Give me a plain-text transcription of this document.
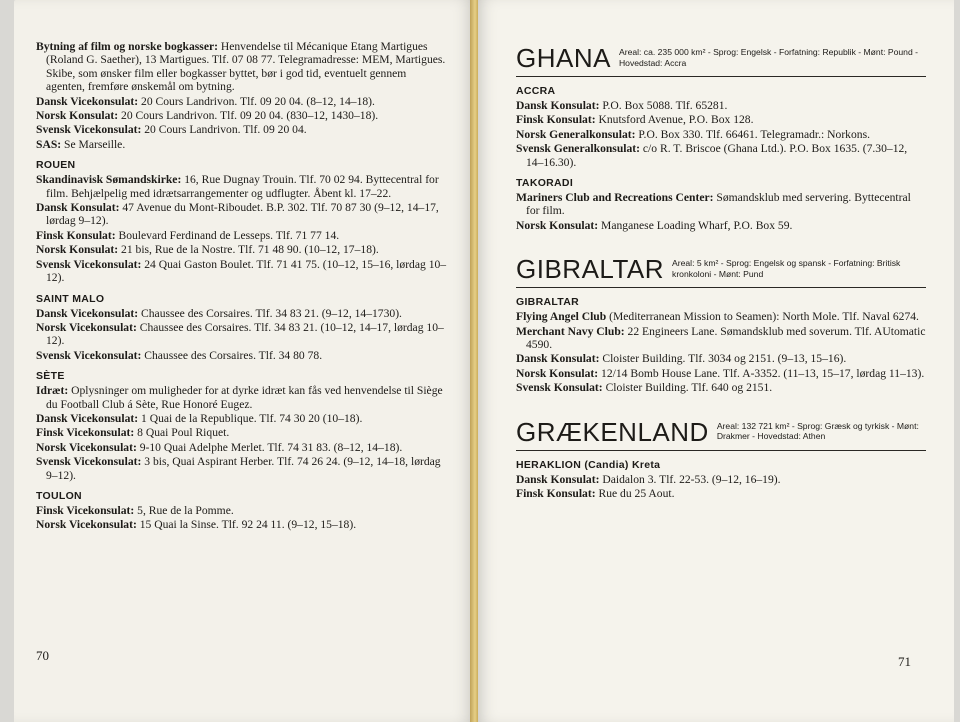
Bytning af film og norske bogkasser: Henvendelse til Mécanique Etang Martigues (Roland G. Saether), 13 Martigues. Tlf. 07 08 77. Telegramadresse: MEM, Martigues. Skibe, som ønsker film eller bogkasser byttet, bør i god tid, eventuelt gennem agenten, fremføre ønskemål om bytning.

Dansk Vicekonsulat: 20 Cours Landrivon. Tlf. 09 20 04. (8–12, 14–18).

Norsk Konsulat: 20 Cours Landrivon. Tlf. 09 20 04. (830–12, 1430–18).

Svensk Vicekonsulat: 20 Cours Landrivon. Tlf. 09 20 04.

SAS: Se Marseille.

ROUEN

Skandinavisk Sømandskirke: 16, Rue Dugnay Trouin. Tlf. 70 02 94. Byttecentral for film. Behjælpelig med idrætsarrangementer og udflugter. Åbent kl. 17–22.

Dansk Konsulat: 47 Avenue du Mont-Riboudet. B.P. 302. Tlf. 70 87 30 (9–12, 14–17, lørdag 9–12).

Finsk Konsulat: Boulevard Ferdinand de Lesseps. Tlf. 71 77 14.

Norsk Konsulat: 21 bis, Rue de la Nostre. Tlf. 71 48 90. (10–12, 17–18).

Svensk Vicekonsulat: 24 Quai Gaston Boulet. Tlf. 71 41 75. (10–12, 15–16, lørdag 10–12).

SAINT MALO

Dansk Vicekonsulat: Chaussee des Corsaires. Tlf. 34 83 21. (9–12, 14–1730).

Norsk Vicekonsulat: Chaussee des Corsaires. Tlf. 34 83 21. (10–12, 14–17, lørdag 10–12).

Svensk Vicekonsulat: Chaussee des Corsaires. Tlf. 34 80 78.

SÈTE

Idræt: Oplysninger om muligheder for at dyrke idræt kan fås ved henvendelse til Siège du Football Club á Sète, Rue Honoré Eugez.

Dansk Vicekonsulat: 1 Quai de la Republique. Tlf. 74 30 20 (10–18).

Finsk Vicekonsulat: 8 Quai Poul Riquet.

Norsk Vicekonsulat: 9-10 Quai Adelphe Merlet. Tlf. 74 31 83. (8–12, 14–18).

Svensk Vicekonsulat: 3 bis, Quai Aspirant Herber. Tlf. 74 26 24. (9–12, 14–18, lørdag 9–12).

TOULON

Finsk Vicekonsulat: 5, Rue de la Pomme.

Norsk Vicekonsulat: 15 Quai la Sinse. Tlf. 92 24 11. (9–12, 15–18).

70
GHANA Areal: ca. 235 000 km² - Sprog: Engelsk - Forfatning: Republik - Mønt: Pound - Hovedstad: Accra
ACCRA

Dansk Konsulat: P.O. Box 5088. Tlf. 65281.

Finsk Konsulat: Knutsford Avenue, P.O. Box 128.

Norsk Generalkonsulat: P.O. Box 330. Tlf. 66461. Telegramadr.: Norkons.

Svensk Generalkonsulat: c/o R. T. Briscoe (Ghana Ltd.). P.O. Box 1635. (7.30–12, 14–16.30).

TAKORADI

Mariners Club and Recreations Center: Sømandsklub med servering. Byttecentral for film.

Norsk Konsulat: Manganese Loading Wharf, P.O. Box 59.

GIBRALTAR Areal: 5 km² - Sprog: Engelsk og spansk - Forfatning: Britisk kronkoloni - Mønt: Pund
GIBRALTAR

Flying Angel Club (Mediterranean Mission to Seamen): North Mole. Tlf. Naval 6274.

Merchant Navy Club: 22 Engineers Lane. Sømandsklub med soverum. Tlf. AUtomatic 4590.

Dansk Konsulat: Cloister Building. Tlf. 3034 og 2151. (9–13, 15–16).

Norsk Konsulat: 12/14 Bomb House Lane. Tlf. A-3352. (11–13, 15–17, lørdag 11–13).

Svensk Konsulat: Cloister Building. Tlf. 640 og 2151.

GRÆKENLAND Areal: 132 721 km² - Sprog: Græsk og tyrkisk - Mønt: Drakmer - Hovedstad: Athen
HERAKLION (Candia) Kreta

Dansk Konsulat: Daidalon 3. Tlf. 22-53. (9–12, 16–19).

Finsk Konsulat: Rue du 25 Aout.

71
